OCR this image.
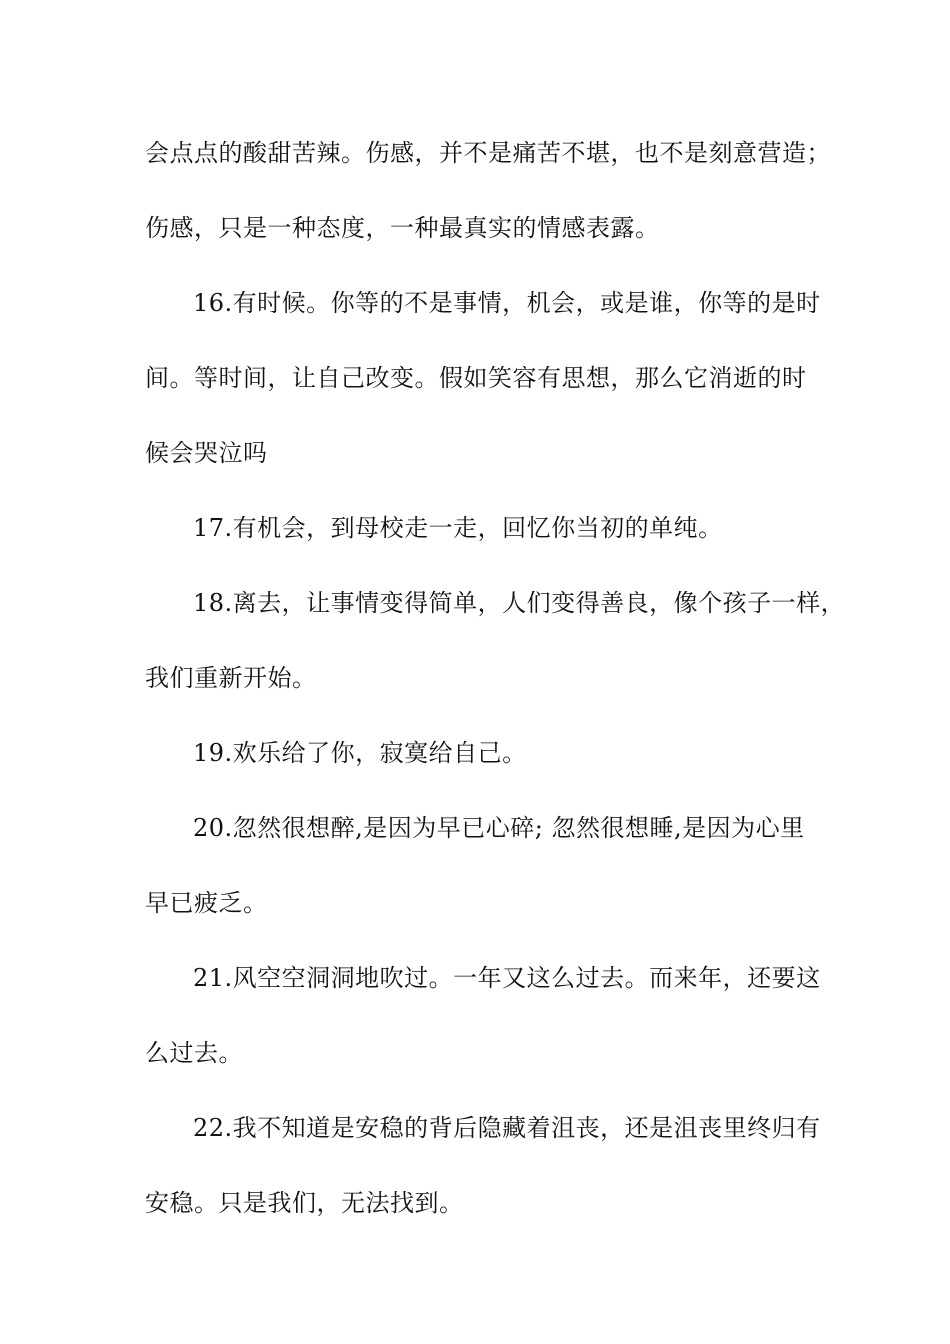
会点点的酸甜苦辣。伤感，并不是痛苦不堪，也不是刻意营造；
伤感，只是一种态度，一种最真实的情感表露。
16.有时候。你等的不是事情，机会，或是谁，你等的是时
间。等时间，让自己改变。假如笑容有思想，那么它消逝的时
候会哭泣吗
17.有机会，到母校走一走，回忆你当初的单纯。
18.离去，让事情变得简单，人们变得善良，像个孩子一样，
我们重新开始。
19.欢乐给了你，寂寞给自己。
20.忽然很想醉,是因为早已心碎; 忽然很想睡,是因为心里
早已疲乏。
21.风空空洞洞地吹过。一年又这么过去。而来年，还要这
么过去。
22.我不知道是安稳的背后隐藏着沮丧，还是沮丧里终归有
安稳。只是我们，无法找到。
